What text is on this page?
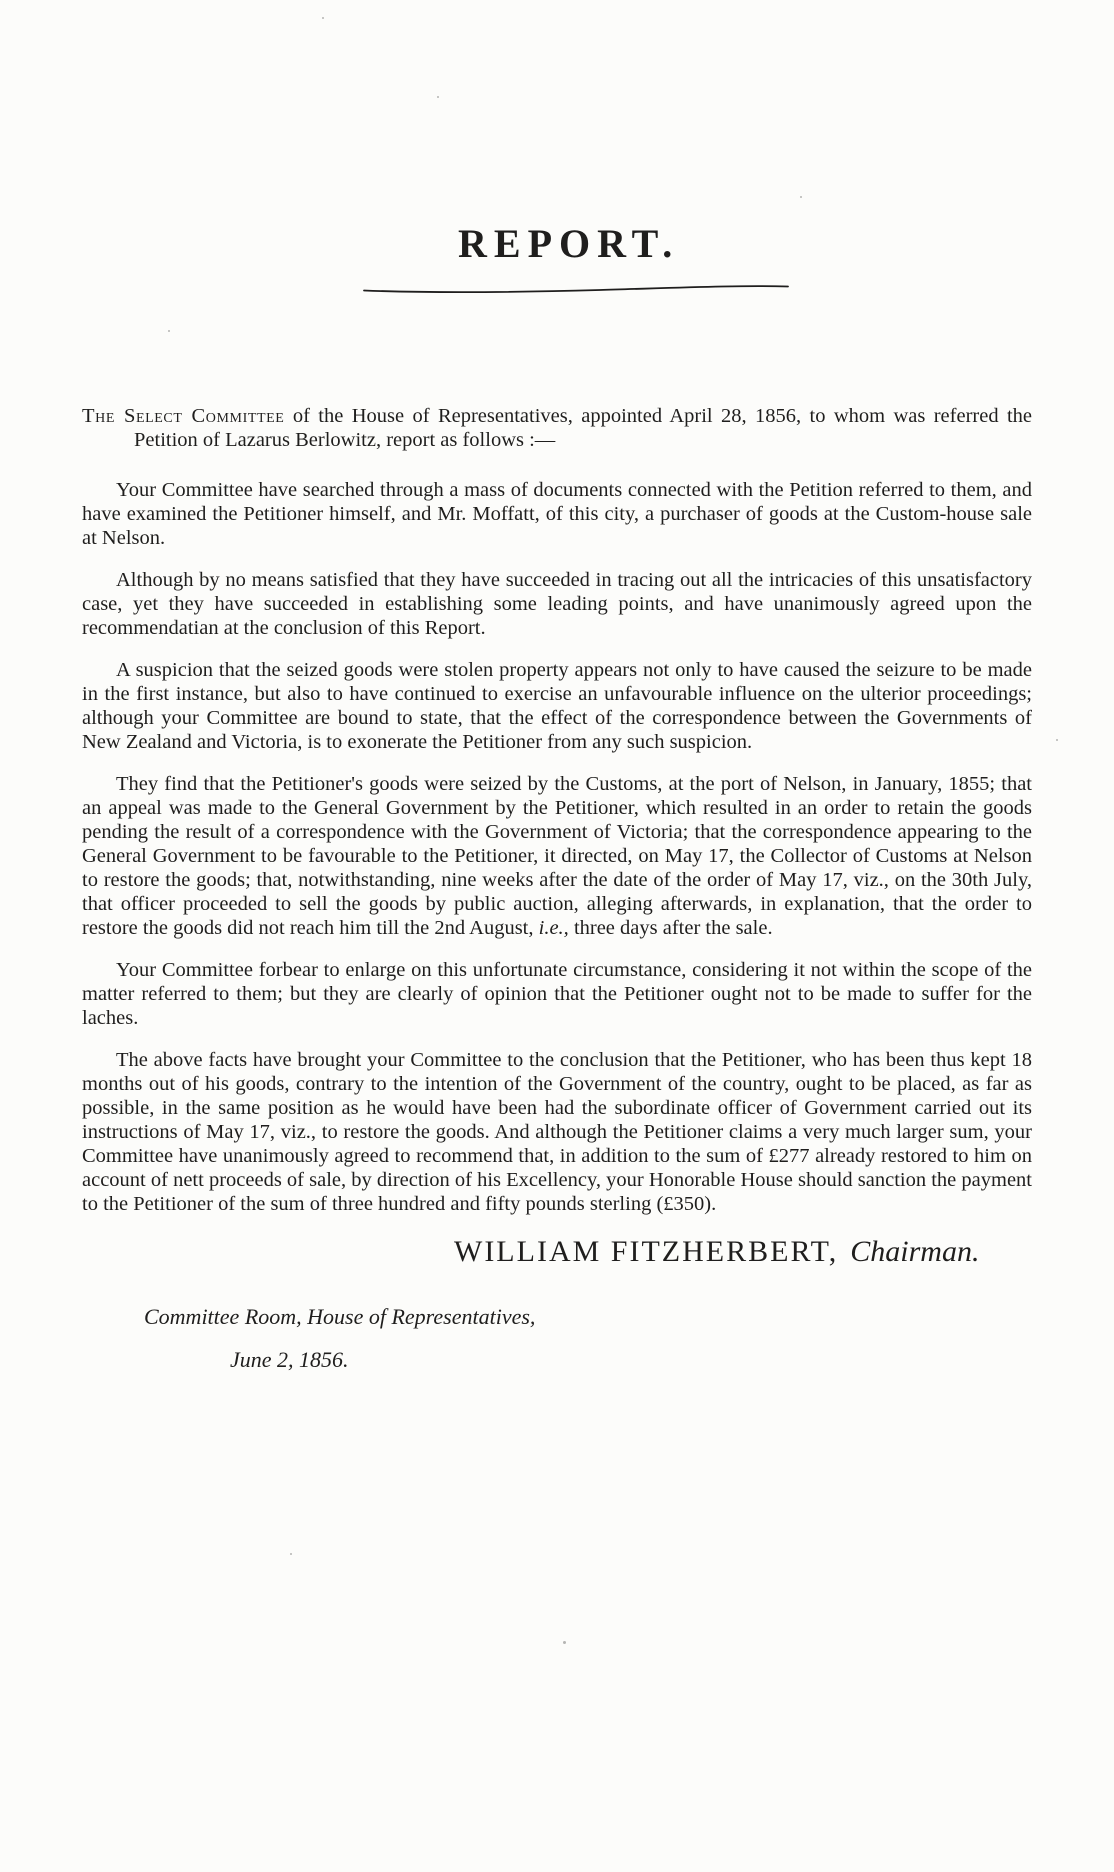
REPORT.

The Select Committee of the House of Representatives, appointed April 28, 1856, to whom was referred the Petition of Lazarus Berlowitz, report as follows :—

Your Committee have searched through a mass of documents connected with the Petition referred to them, and have examined the Petitioner himself, and Mr. Moffatt, of this city, a purchaser of goods at the Custom-house sale at Nelson.

Although by no means satisfied that they have succeeded in tracing out all the intricacies of this unsatisfactory case, yet they have succeeded in establishing some leading points, and have unanimously agreed upon the recommendatian at the conclusion of this Report.

A suspicion that the seized goods were stolen property appears not only to have caused the seizure to be made in the first instance, but also to have continued to exercise an unfavourable influence on the ulterior proceedings; although your Committee are bound to state, that the effect of the correspondence between the Governments of New Zealand and Victoria, is to exonerate the Petitioner from any such suspicion.

They find that the Petitioner's goods were seized by the Customs, at the port of Nelson, in January, 1855; that an appeal was made to the General Government by the Petitioner, which resulted in an order to retain the goods pending the result of a correspondence with the Government of Victoria; that the correspondence appearing to the General Government to be favourable to the Petitioner, it directed, on May 17, the Collector of Customs at Nelson to restore the goods; that, notwithstanding, nine weeks after the date of the order of May 17, viz., on the 30th July, that officer proceeded to sell the goods by public auction, alleging afterwards, in explanation, that the order to restore the goods did not reach him till the 2nd August, i.e., three days after the sale.

Your Committee forbear to enlarge on this unfortunate circumstance, considering it not within the scope of the matter referred to them; but they are clearly of opinion that the Petitioner ought not to be made to suffer for the laches.

The above facts have brought your Committee to the conclusion that the Petitioner, who has been thus kept 18 months out of his goods, contrary to the intention of the Government of the country, ought to be placed, as far as possible, in the same position as he would have been had the subordinate officer of Government carried out its instructions of May 17, viz., to restore the goods. And although the Petitioner claims a very much larger sum, your Committee have unanimously agreed to recommend that, in addition to the sum of £277 already restored to him on account of nett proceeds of sale, by direction of his Excellency, your Honorable House should sanction the payment to the Petitioner of the sum of three hundred and fifty pounds sterling (£350).

WILLIAM FITZHERBERT, Chairman.
Committee Room, House of Representatives,
June 2, 1856.
